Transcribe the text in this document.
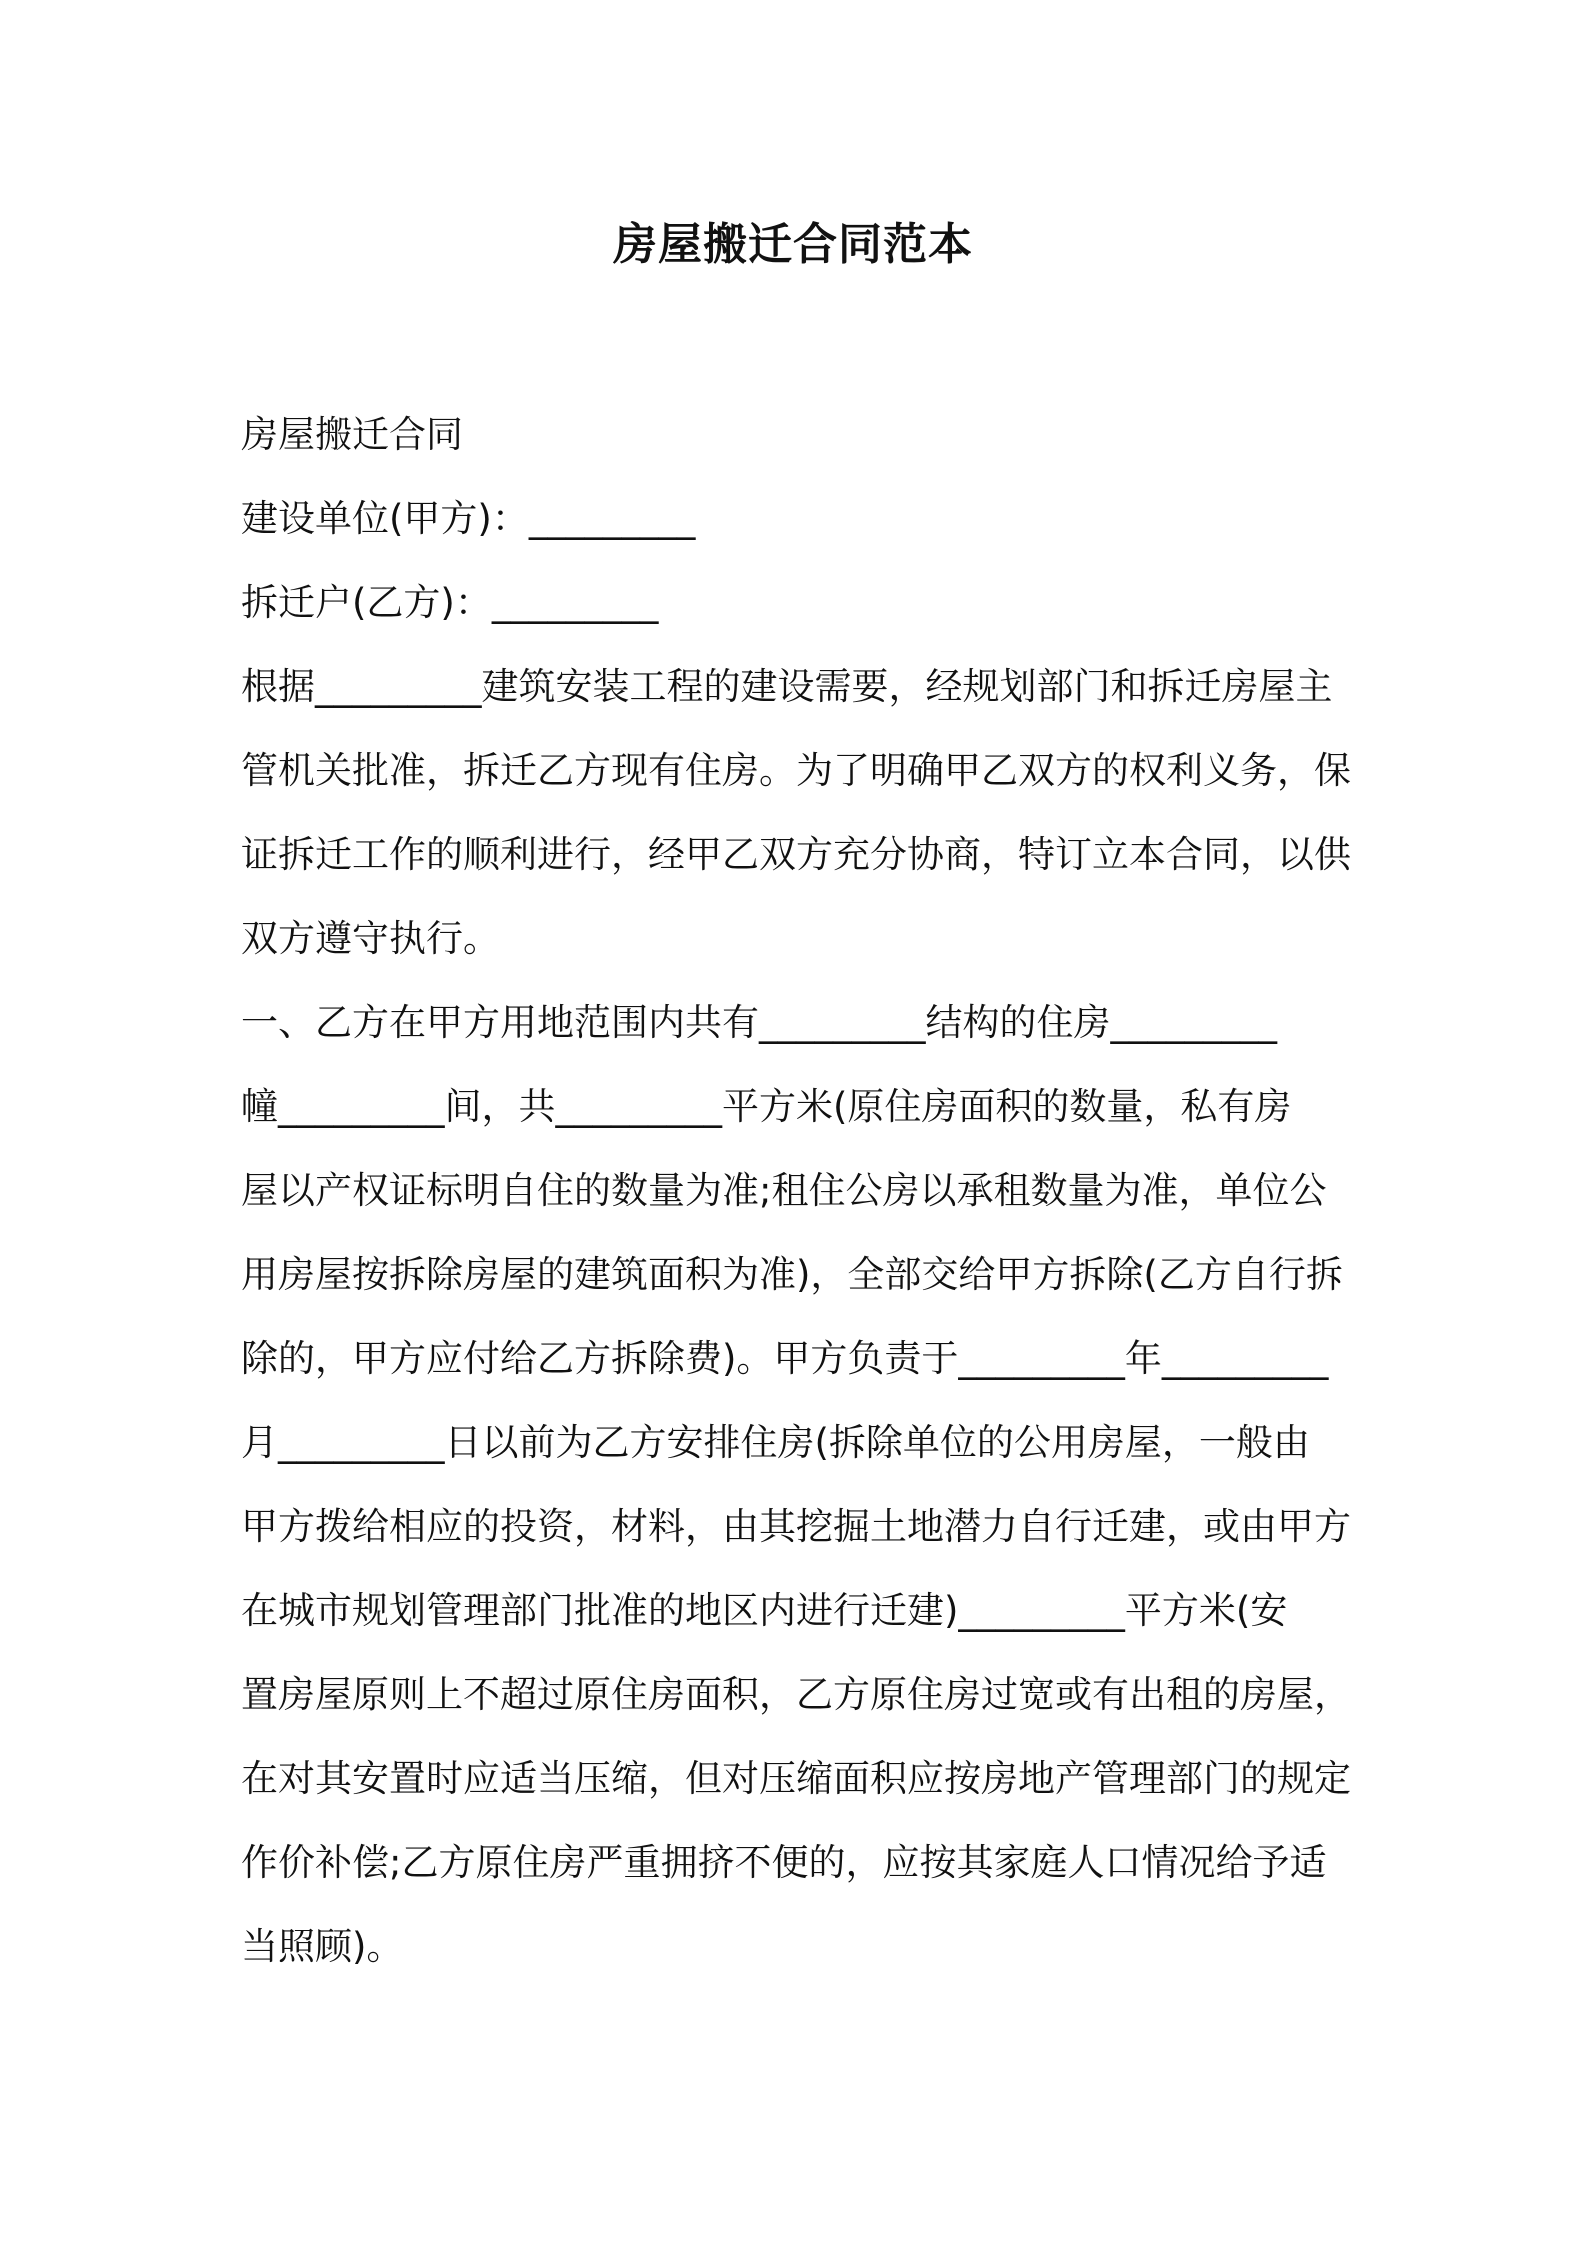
房屋搬迁合同范本
房屋搬迁合同
建设单位(甲方)：_________
拆迁户(乙方)：_________
根据_________建筑安装工程的建设需要，经规划部门和拆迁房屋主
管机关批准，拆迁乙方现有住房。为了明确甲乙双方的权利义务，保
证拆迁工作的顺利进行，经甲乙双方充分协商，特订立本合同，以供
双方遵守执行。
一、乙方在甲方用地范围内共有_________结构的住房_________
幢_________间，共_________平方米(原住房面积的数量，私有房
屋以产权证标明自住的数量为准;租住公房以承租数量为准，单位公
用房屋按拆除房屋的建筑面积为准)，全部交给甲方拆除(乙方自行拆
除的，甲方应付给乙方拆除费)。甲方负责于_________年_________
月_________日以前为乙方安排住房(拆除单位的公用房屋，一般由
甲方拨给相应的投资，材料，由其挖掘土地潜力自行迁建，或由甲方
在城市规划管理部门批准的地区内进行迁建)_________平方米(安
置房屋原则上不超过原住房面积，乙方原住房过宽或有出租的房屋，
在对其安置时应适当压缩，但对压缩面积应按房地产管理部门的规定
作价补偿;乙方原住房严重拥挤不便的，应按其家庭人口情况给予适
当照顾)。
